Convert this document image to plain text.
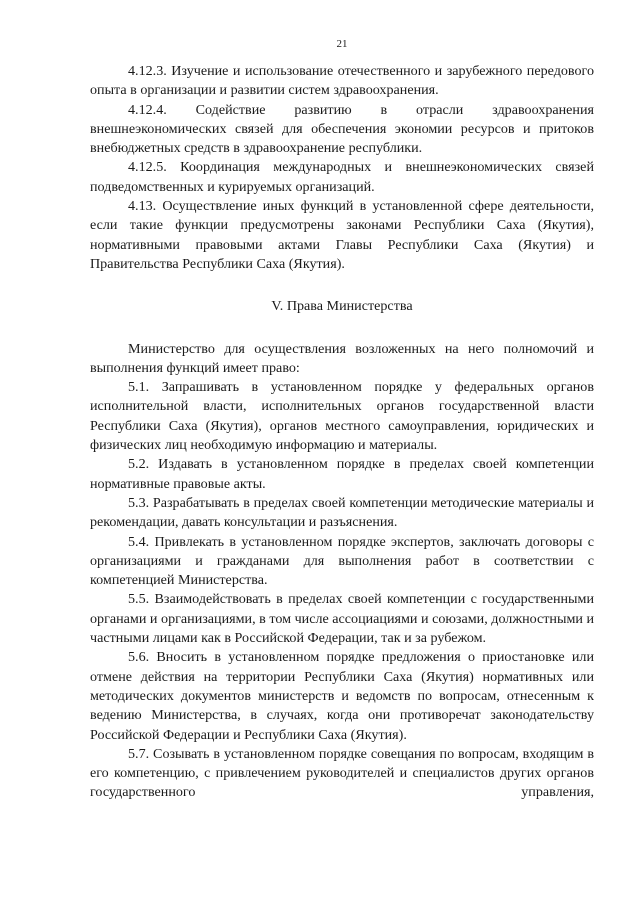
21

4.12.3. Изучение и использование отечественного и зарубежного передового опыта в организации и развитии систем здравоохранения.

4.12.4. Содействие развитию в отрасли здравоохранения внешнеэкономических связей для обеспечения экономии ресурсов и притоков внебюджетных средств в здравоохранение республики.

4.12.5. Координация международных и внешнеэкономических связей подведомственных и курируемых организаций.

4.13. Осуществление иных функций в установленной сфере деятельности, если такие функции предусмотрены законами Республики Саха (Якутия), нормативными правовыми актами Главы Республики Саха (Якутия) и Правительства Республики Саха (Якутия).

V. Права Министерства

Министерство для осуществления возложенных на него полномочий и выполнения функций имеет право:

5.1. Запрашивать в установленном порядке у федеральных органов исполнительной власти, исполнительных органов государственной власти Республики Саха (Якутия), органов местного самоуправления, юридических и физических лиц необходимую информацию и материалы.

5.2. Издавать в установленном порядке в пределах своей компетенции нормативные правовые акты.

5.3. Разрабатывать в пределах своей компетенции методические материалы и рекомендации, давать консультации и разъяснения.

5.4. Привлекать в установленном порядке экспертов, заключать договоры с организациями и гражданами для выполнения работ в соответствии с компетенцией Министерства.

5.5. Взаимодействовать в пределах своей компетенции с государственными органами и организациями, в том числе ассоциациями и союзами, должностными и частными лицами как в Российской Федерации, так и за рубежом.

5.6. Вносить в установленном порядке предложения о приостановке или отмене действия на территории Республики Саха (Якутия) нормативных или методических документов министерств и ведомств по вопросам, отнесенным к ведению Министерства, в случаях, когда они противоречат законодательству Российской Федерации и Республики Саха (Якутия).

5.7. Созывать в установленном порядке совещания по вопросам, входящим в его компетенцию, с привлечением руководителей и специалистов других органов государственного управления,
